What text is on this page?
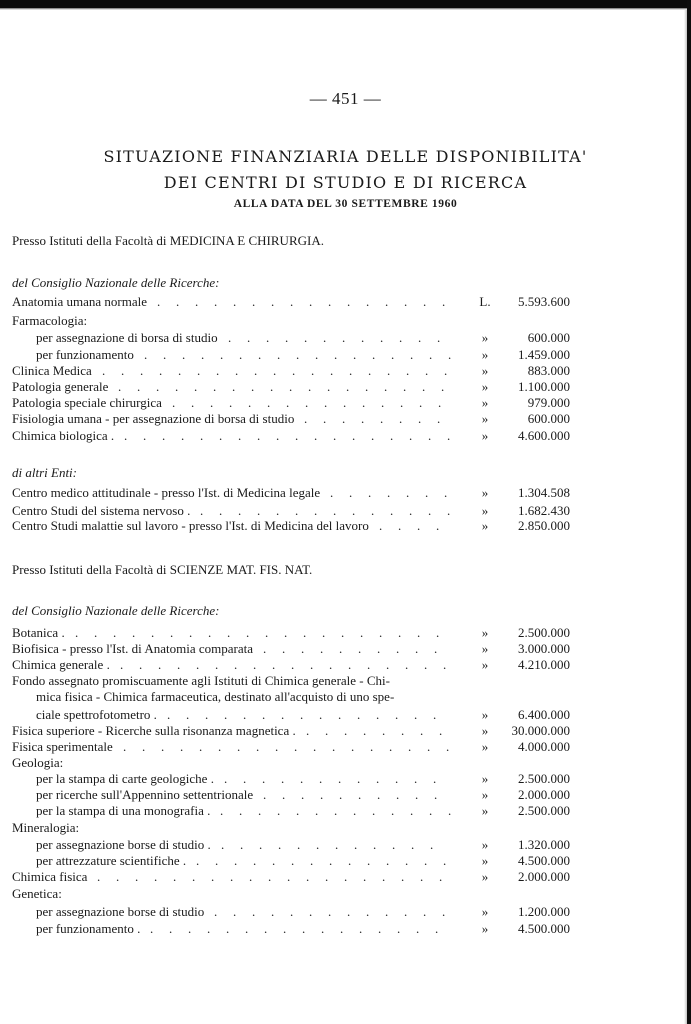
— 451 —
SITUAZIONE FINANZIARIA DELLE DISPONIBILITA'
DEI CENTRI DI STUDIO E DI RICERCA
ALLA DATA DEL 30 SETTEMBRE 1960
Presso Istituti della Facoltà di MEDICINA E CHIRURGIA.
del Consiglio Nazionale delle Ricerche:
Anatomia umana normale . . . . . . . . . . . . . . . .	L.	5.593.600
Farmacologia:
per assegnazione di borsa di studio . . . . . . . . . . . .	»	600.000
per funzionamento . . . . . . . . . . . . . . . . .	»	1.459.000
Clinica Medica . . . . . . . . . . . . . . . . . . .	»	883.000
Patologia generale . . . . . . . . . . . . . . . . . .	»	1.100.000
Patologia speciale chirurgica . . . . . . . . . . . . . . .	»	979.000
Fisiologia umana - per assegnazione di borsa di studio . . . . . . . .	»	600.000
Chimica biologica . . . . . . . . . . . . . . . . . . .	»	4.600.000
di altri Enti:
Centro medico attitudinale - presso l'Ist. di Medicina legale . . . . . . .	»	1.304.508
Centro Studi del sistema nervoso . . . . . . . . . . . . . . .	»	1.682.430
Centro Studi malattie sul lavoro - presso l'Ist. di Medicina del lavoro . . . .	»	2.850.000
Presso Istituti della Facoltà di SCIENZE MAT. FIS. NAT.
del Consiglio Nazionale delle Ricerche:
Botanica . . . . . . . . . . . . . . . . . . . . .	»	2.500.000
Biofisica - presso l'Ist. di Anatomia comparata . . . . . . . . . .	»	3.000.000
Chimica generale . . . . . . . . . . . . . . . . . . .	»	4.210.000
Fondo assegnato promiscuamente agli Istituti di Chimica generale - Chi-
mica fisica - Chimica farmaceutica, destinato all'acquisto di uno spe-
ciale spettrofotometro . . . . . . . . . . . . . . . .	»	6.400.000
Fisica superiore - Ricerche sulla risonanza magnetica . . . . . . . . .	»	30.000.000
Fisica sperimentale . . . . . . . . . . . . . . . . . .	»	4.000.000
Geologia:
per la stampa di carte geologiche . . . . . . . . . . . . .	»	2.500.000
per ricerche sull'Appennino settentrionale . . . . . . . . . .	»	2.000.000
per la stampa di una monografia . . . . . . . . . . . . . .	»	2.500.000
Mineralogia:
per assegnazione borse di studio . . . . . . . . . . . . .	»	1.320.000
per attrezzature scientifiche . . . . . . . . . . . . . . .	»	4.500.000
Chimica fisica . . . . . . . . . . . . . . . . . . .	»	2.000.000
Genetica:
per assegnazione borse di studio . . . . . . . . . . . . .	»	1.200.000
per funzionamento . . . . . . . . . . . . . . . . .	»	4.500.000
